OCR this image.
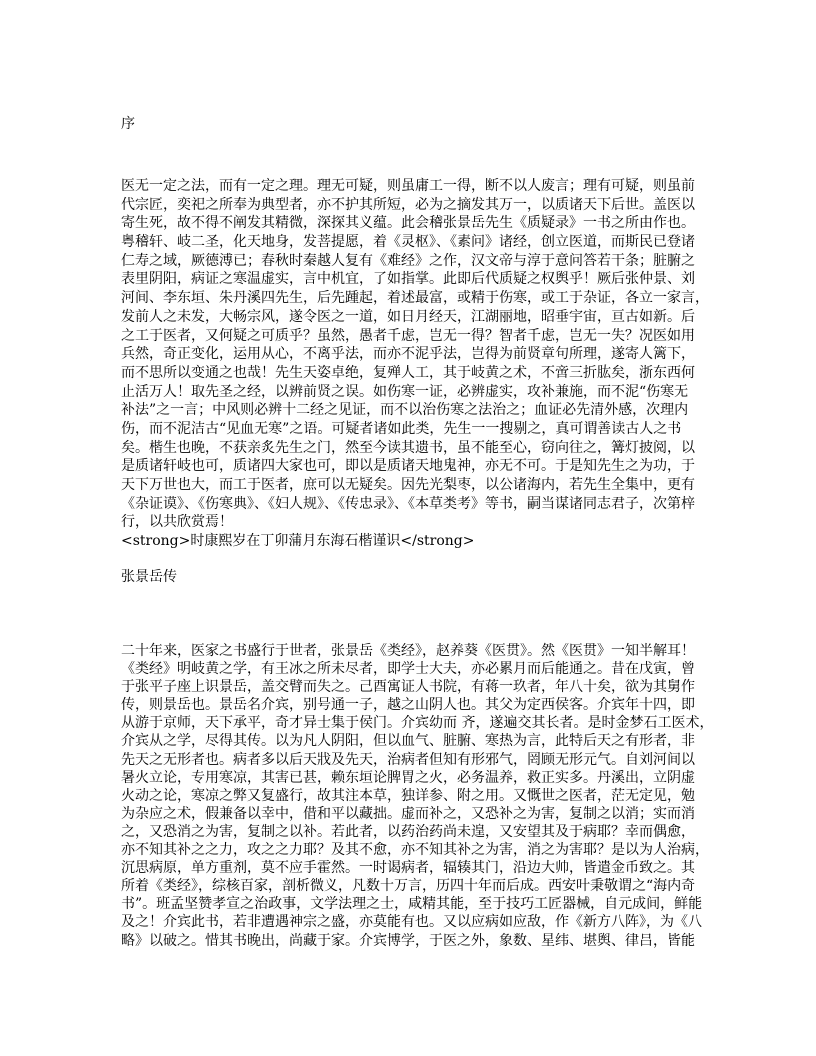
序
医无一定之法，而有一定之理。理无可疑，则虽庸工一得，断不以人废言；理有可疑，则虽前
代宗匠，奕祀之所奉为典型者，亦不护其所短，必为之摘发其万一，以质诸天下后世。盖医以
寄生死，故不得不阐发其精微，深探其义蕴。此会稽张景岳先生《质疑录》一书之所由作也。
粤稽轩、岐二圣，化天地身，发菩提愿，着《灵枢》、《素问》诸经，创立医道，而斯民已登诸
仁寿之域，厥德溥已；春秋时秦越人复有《难经》之作，汉文帝与淳于意问答若干条；脏腑之
表里阴阳，病证之寒温虚实，言中机宜，了如指掌。此即后代质疑之权舆乎！厥后张仲景、刘
河间、李东垣、朱丹溪四先生，后先踵起，着述最富，或精于伤寒，或工于杂证，各立一家言，
发前人之未发，大畅宗风，遂令医之一道，如日月经天，江湖丽地，昭垂宇宙，亘古如新。后
之工于医者，又何疑之可质乎？虽然，愚者千虑，岂无一得？智者千虑，岂无一失？况医如用
兵然，奇正变化，运用从心，不离乎法，而亦不泥乎法，岂得为前贤章句所理，遂寄人篱下，
而不思所以变通之也哉！先生天姿卓绝，复殚人工，其于岐黄之术，不啻三折肱矣，浙东西何
止活万人！取先圣之经，以辨前贤之误。如伤寒一证，必辨虚实，攻补兼施，而不泥“伤寒无
补法”之一言；中风则必辨十二经之见证，而不以治伤寒之法治之；血证必先清外感，次理内
伤，而不泥洁古“见血无寒”之语。可疑者诸如此类，先生一一搜剔之，真可谓善读古人之书
矣。楷生也晚，不获亲炙先生之门，然至今读其遗书，虽不能至心，窃向往之，篝灯披阅，以
是质诸轩岐也可，质诸四大家也可，即以是质诸天地鬼神，亦无不可。于是知先生之为功，于
天下万世也大，而工于医者，庶可以无疑矣。因先光梨枣，以公诸海内，若先生全集中，更有
《杂证谟》、《伤寒典》、《妇人规》、《传忠录》、《本草类考》等书，嗣当谋诸同志君子，次第梓
行，以共欣赏焉！
<strong>时康熙岁在丁卯蒲月东海石楷谨识</strong>
张景岳传
二十年来，医家之书盛行于世者，张景岳《类经》，赵养葵《医贯》。然《医贯》一知半解耳！
《类经》明岐黄之学，有王冰之所未尽者，即学士大夫，亦必累月而后能通之。昔在戊寅，曾
于张平子座上识景岳，盖交臂而失之。己酉寓证人书院，有蒋一玖者，年八十矣，欲为其舅作
传，则景岳也。景岳名介宾，别号通一子，越之山阴人也。其父为定西侯客。介宾年十四，即
从游于京师，天下承平，奇才异士集于侯门。介宾幼而 齐，遂遍交其长者。是时金梦石工医术，
介宾从之学，尽得其传。以为凡人阴阳，但以血气、脏腑、寒热为言，此特后天之有形者，非
先天之无形者也。病者多以后天戕及先天，治病者但知有形邪气，罔顾无形元气。自刘河间以
暑火立论，专用寒凉，其害已甚，赖东垣论脾胃之火，必务温养，救正实多。丹溪出，立阴虚
火动之论，寒凉之弊又复盛行，故其注本草，独详参、附之用。又慨世之医者，茫无定见，勉
为杂应之术，假兼备以幸中，借和平以藏拙。虚而补之，又恐补之为害，复制之以消；实而消
之，又恐消之为害，复制之以补。若此者，以药治药尚未遑，又安望其及于病耶？幸而偶愈，
亦不知其补之之力，攻之之力耶？及其不愈，亦不知其补之为害，消之为害耶？是以为人治病，
沉思病原，单方重剂，莫不应手霍然。一时谒病者，辐辏其门，沿边大帅，皆遣金币致之。其
所着《类经》，综核百家，剖析微义，凡数十万言，历四十年而后成。西安叶秉敬谓之“海内奇
书”。班孟坚赞孝宣之治政事，文学法理之士，咸精其能，至于技巧工匠器械，自元成间，鲜能
及之！介宾此书，若非遭遇神宗之盛，亦莫能有也。又以应病如应敌，作《新方八阵》，为《八
略》以破之。惜其书晚出，尚藏于家。介宾博学，于医之外，象数、星纬、堪舆、律吕，皆能
